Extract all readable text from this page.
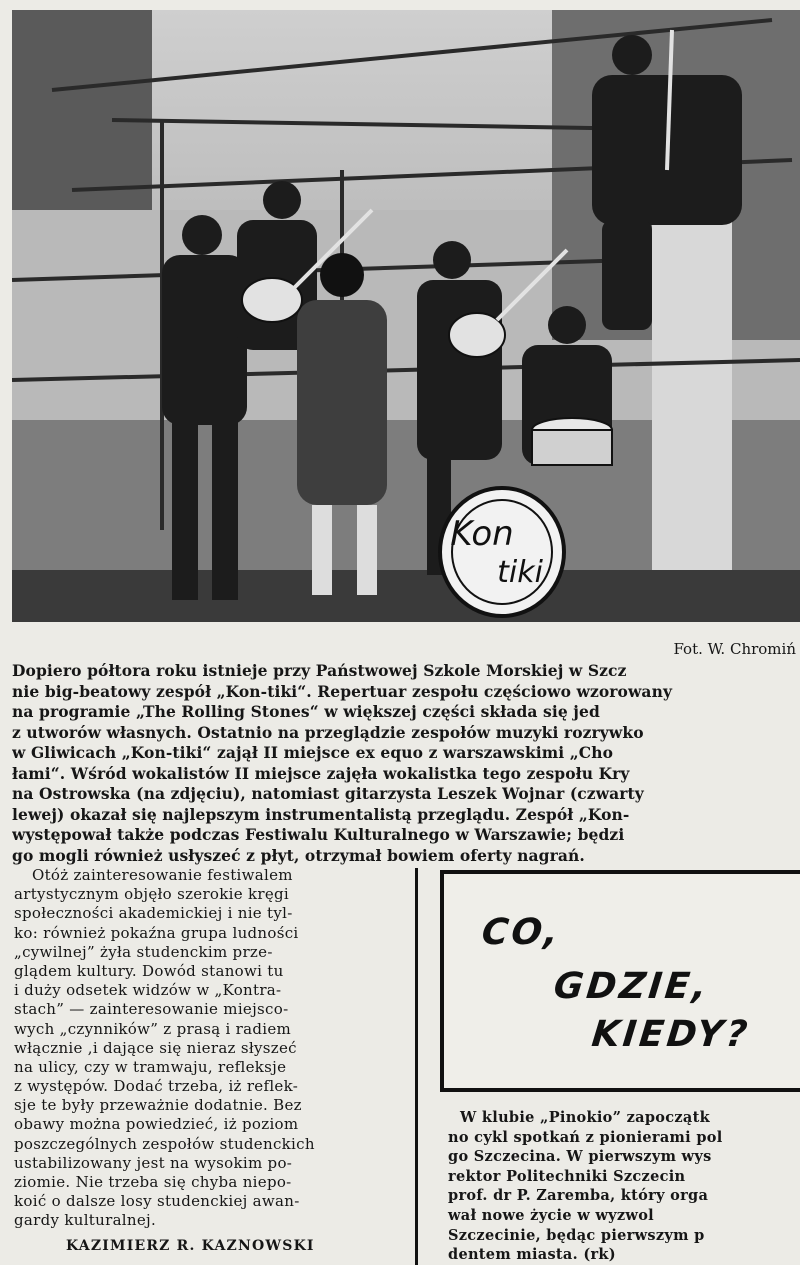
Kon
tiki
Fot. W. Chromiń
Dopiero półtora roku istnieje przy Państwowej Szkole Morskiej w Szcz
nie big-beatowy zespół „Kon-tiki“. Repertuar zespołu częściowo wzorowany
na programie „The Rolling Stones“ w większej części składa się jed
z utworów własnych. Ostatnio na przeglądzie zespołów muzyki rozrywko
w Gliwicach „Kon-tiki“ zajął II miejsce ex equo z warszawskimi „Cho
łami“. Wśród wokalistów II miejsce zajęła wokalistka tego zespołu Kry
na Ostrowska (na zdjęciu), natomiast gitarzysta Leszek Wojnar (czwarty
lewej) okazał się najlepszym instrumentalistą przeglądu. Zespół „Kon-
występował także podczas Festiwalu Kulturalnego w Warszawie; będzi
go mogli również usłyszeć z płyt, otrzymał bowiem oferty nagrań.
Otóż zainteresowanie festiwalem
artystycznym objęło szerokie kręgi
społeczności akademickiej i nie tyl-
ko: również pokaźna grupa ludności
„cywilnej” żyła studenckim prze-
glądem kultury. Dowód stanowi tu
i duży odsetek widzów w „Kontra-
stach” — zainteresowanie miejsco-
wych „czynników” z prasą i radiem
włącznie ,i dające się nieraz słyszeć
na ulicy, czy w tramwaju, refleksje
z występów. Dodać trzeba, iż reflek-
sje te były przeważnie dodatnie. Bez
obawy można powiedzieć, iż poziom
poszczególnych zespołów studenckich
ustabilizowany jest na wysokim po-
ziomie. Nie trzeba się chyba niepo-
koić o dalsze losy studenckiej awan-
gardy kulturalnej.
KAZIMIERZ R. KAZNOWSKI
CO,
GDZIE,
KIEDY?
W klubie „Pinokio” zapoczątk
no cykl spotkań z pionierami pol
go Szczecina. W pierwszym wys
rektor Politechniki Szczecin
prof. dr P. Zaremba, który orga
wał nowe życie w wyzwol
Szczecinie, będąc pierwszym p
dentem miasta. (rk)
